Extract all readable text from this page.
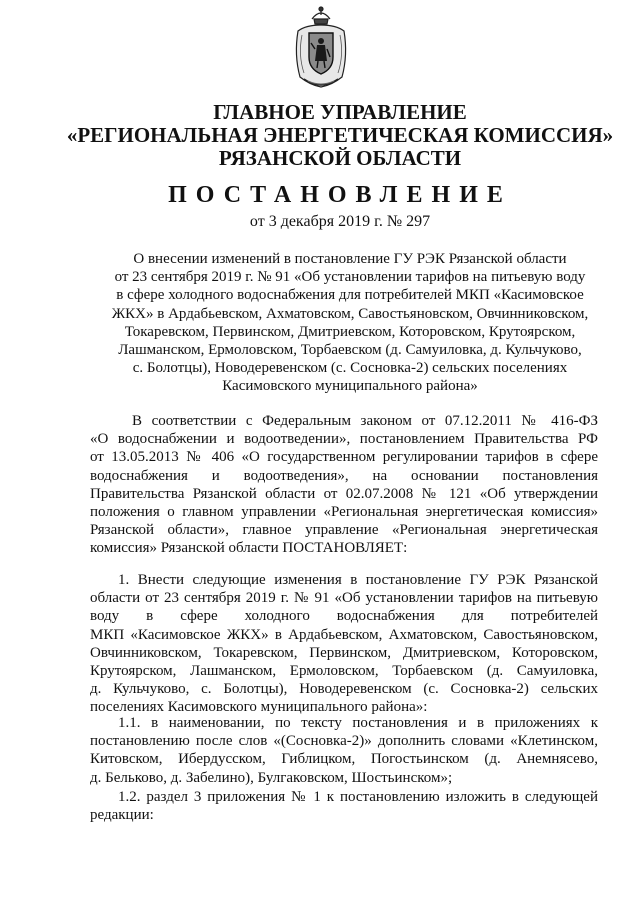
ГЛАВНОЕ УПРАВЛЕНИЕ
«РЕГИОНАЛЬНАЯ ЭНЕРГЕТИЧЕСКАЯ КОМИССИЯ»
РЯЗАНСКОЙ ОБЛАСТИ
ПОСТАНОВЛЕНИЕ
от 3 декабря 2019 г. № 297
О внесении изменений в постановление ГУ РЭК Рязанской области
от 23 сентября 2019 г. № 91 «Об установлении тарифов на питьевую воду
в сфере холодного водоснабжения для потребителей МКП «Касимовское
ЖКХ» в Ардабьевском, Ахматовском, Савостьяновском, Овчинниковском,
Токаревском, Первинском, Дмитриевском, Которовском, Крутоярском,
Лашманском, Ермоловском, Торбаевском (д. Самуиловка, д. Кульчуково,
с. Болотцы), Новодеревенском (с. Сосновка-2) сельских поселениях
Касимовского муниципального района»
В соответствии с Федеральным законом от 07.12.2011 № 416-ФЗ
«О водоснабжении и водоотведении», постановлением Правительства РФ
от 13.05.2013 № 406 «О государственном регулировании тарифов в сфере
водоснабжения и водоотведения», на основании постановления
Правительства Рязанской области от 02.07.2008 № 121 «Об утверждении
положения о главном управлении «Региональная энергетическая комиссия»
Рязанской области», главное управление «Региональная энергетическая
комиссия» Рязанской области ПОСТАНОВЛЯЕТ:
1. Внести следующие изменения в постановление ГУ РЭК Рязанской
области от 23 сентября 2019 г. № 91 «Об установлении тарифов на питьевую
воду в сфере холодного водоснабжения для потребителей
МКП «Касимовское ЖКХ» в Ардабьевском, Ахматовском, Савостьяновском,
Овчинниковском, Токаревском, Первинском, Дмитриевском, Которовском,
Крутоярском, Лашманском, Ермоловском, Торбаевском (д. Самуиловка,
д. Кульчуково, с. Болотцы), Новодеревенском (с. Сосновка-2) сельских
поселениях Касимовского муниципального района»:
1.1. в наименовании, по тексту постановления и в приложениях к
постановлению после слов «(Сосновка-2)» дополнить словами «Клетинском,
Китовском, Ибердусском, Гиблицком, Погостьинском (д. Анемнясево,
д. Бельково, д. Забелино), Булгаковском, Шостьинском»;
1.2. раздел 3 приложения № 1 к постановлению изложить в следующей
редакции:
